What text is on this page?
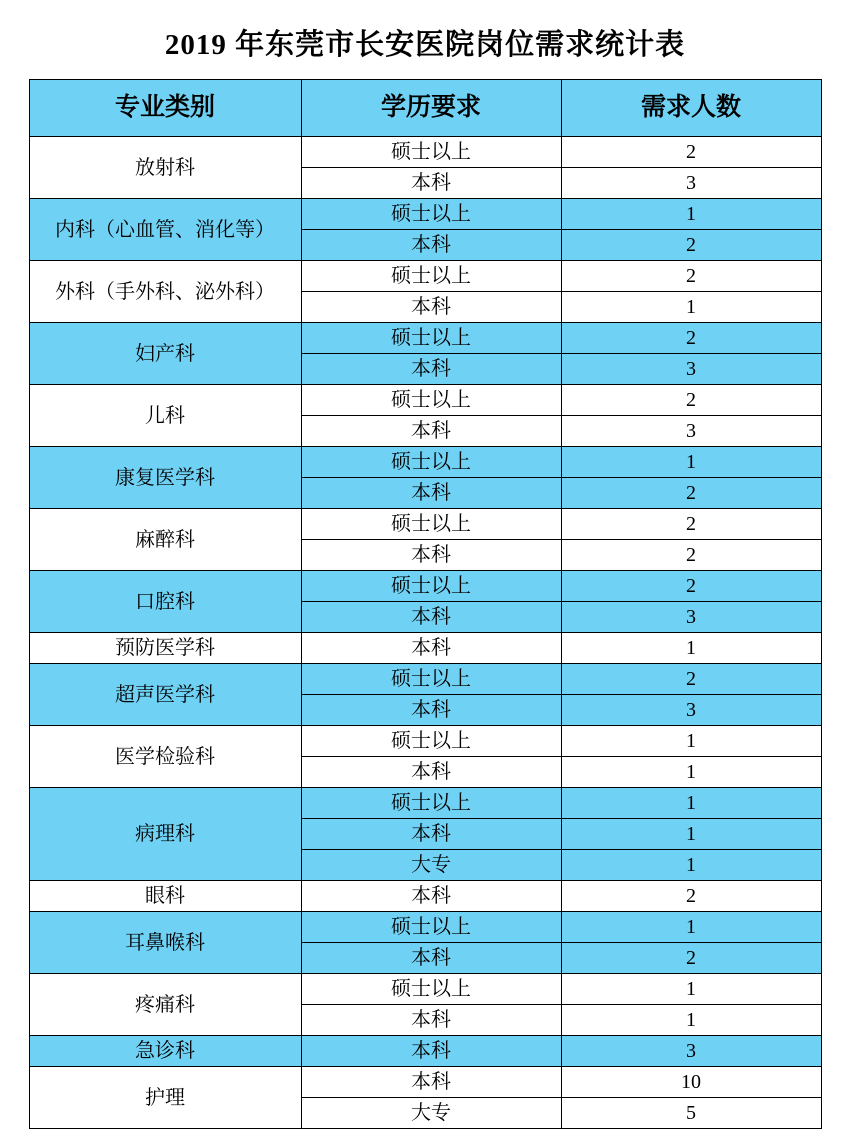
2019 年东莞市长安医院岗位需求统计表
专业类别	学历要求	需求人数
放射科	硕士以上	2
	本科	3
内科（心血管、消化等）	硕士以上	1
	本科	2
外科（手外科、泌外科）	硕士以上	2
	本科	1
妇产科	硕士以上	2
	本科	3
儿科	硕士以上	2
	本科	3
康复医学科	硕士以上	1
	本科	2
麻醉科	硕士以上	2
	本科	2
口腔科	硕士以上	2
	本科	3
预防医学科	本科	1
超声医学科	硕士以上	2
	本科	3
医学检验科	硕士以上	1
	本科	1
病理科	硕士以上	1
	本科	1
	大专	1
眼科	本科	2
耳鼻喉科	硕士以上	1
	本科	2
疼痛科	硕士以上	1
	本科	1
急诊科	本科	3
护理	本科	10
	大专	5
